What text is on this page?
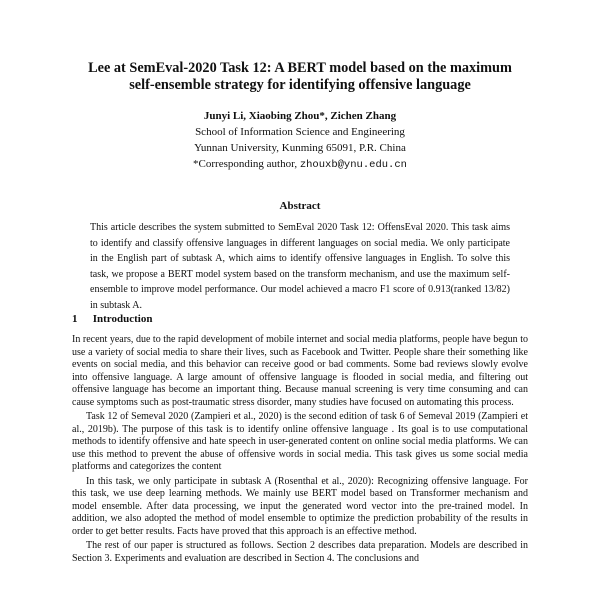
Lee at SemEval-2020 Task 12: A BERT model based on the maximum
self-ensemble strategy for identifying offensive language
Junyi Li, Xiaobing Zhou*, Zichen Zhang
School of Information Science and Engineering
Yunnan University, Kunming 65091, P.R. China
*Corresponding author, zhouxb@ynu.edu.cn
Abstract
This article describes the system submitted to SemEval 2020 Task 12: OffensEval 2020. This task aims to identify and classify offensive languages in different languages on social media. We only participate in the English part of subtask A, which aims to identify offensive languages in English. To solve this task, we propose a BERT model system based on the transform mechanism, and use the maximum self-ensemble to improve model performance. Our model achieved a macro F1 score of 0.913(ranked 13/82) in subtask A.
1 Introduction

In recent years, due to the rapid development of mobile internet and social media platforms, people have begun to use a variety of social media to share their lives, such as Facebook and Twitter. People share their something like events on social media, and this behavior can receive good or bad comments. Some bad reviews slowly evolve into offensive language. A large amount of offensive language is flooded in social media, and filtering out offensive language has become an important thing. Because manual screening is very time consuming and can cause symptoms such as post-traumatic stress disorder, many studies have focused on automating this process.

Task 12 of Semeval 2020 (Zampieri et al., 2020) is the second edition of task 6 of Semeval 2019 (Zampieri et al., 2019b). The purpose of this task is to identify online offensive language . Its goal is to use computational methods to identify offensive and hate speech in user-generated content on online social media platforms. We can use this method to prevent the abuse of offensive words in social media. This task gives us some social media platforms and categorizes the content

In this task, we only participate in subtask A (Rosenthal et al., 2020): Recognizing offensive language. For this task, we use deep learning methods. We mainly use BERT model based on Transformer mechanism and model ensemble. After data processing, we input the generated word vector into the pre-trained model. In addition, we also adopted the method of model ensemble to optimize the prediction probability of the results in order to get better results. Facts have proved that this approach is an effective method.

The rest of our paper is structured as follows. Section 2 describes data preparation. Models are described in Section 3. Experiments and evaluation are described in Section 4. The conclusions and
